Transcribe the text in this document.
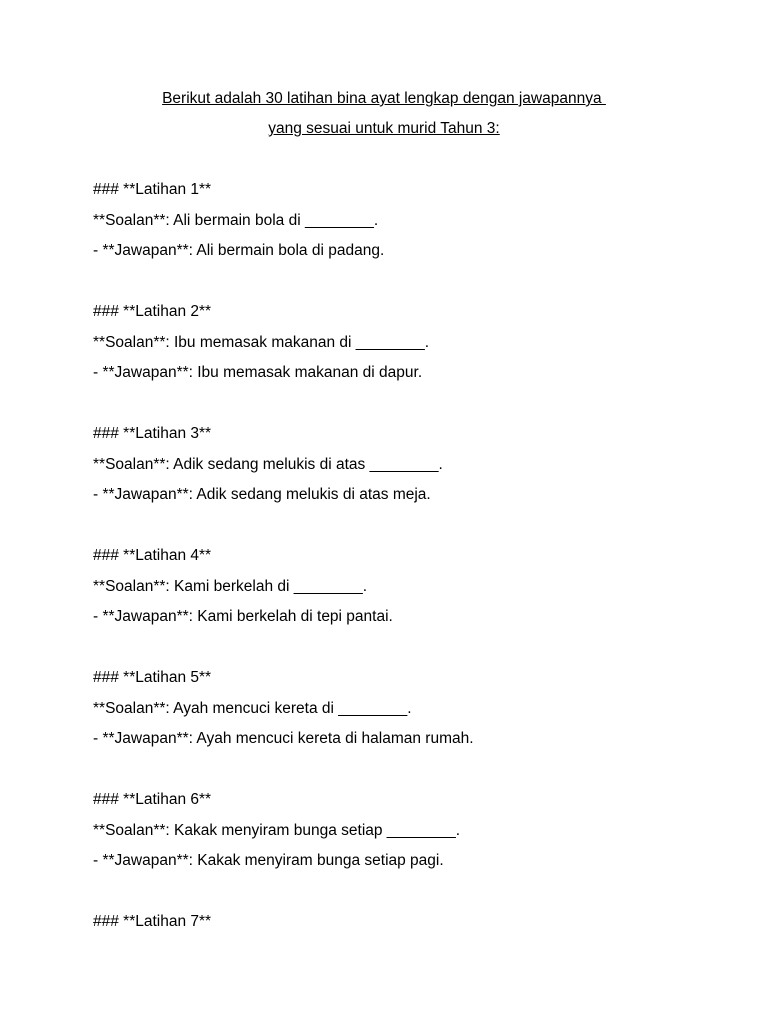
Berikut adalah 30 latihan bina ayat lengkap dengan jawapannya
yang sesuai untuk murid Tahun 3:
### **Latihan 1**
**Soalan**: Ali bermain bola di ________.
- **Jawapan**: Ali bermain bola di padang.
### **Latihan 2**
**Soalan**: Ibu memasak makanan di ________.
- **Jawapan**: Ibu memasak makanan di dapur.
### **Latihan 3**
**Soalan**: Adik sedang melukis di atas ________.
- **Jawapan**: Adik sedang melukis di atas meja.
### **Latihan 4**
**Soalan**: Kami berkelah di ________.
- **Jawapan**: Kami berkelah di tepi pantai.
### **Latihan 5**
**Soalan**: Ayah mencuci kereta di ________.
- **Jawapan**: Ayah mencuci kereta di halaman rumah.
### **Latihan 6**
**Soalan**: Kakak menyiram bunga setiap ________.
- **Jawapan**: Kakak menyiram bunga setiap pagi.
### **Latihan 7**
